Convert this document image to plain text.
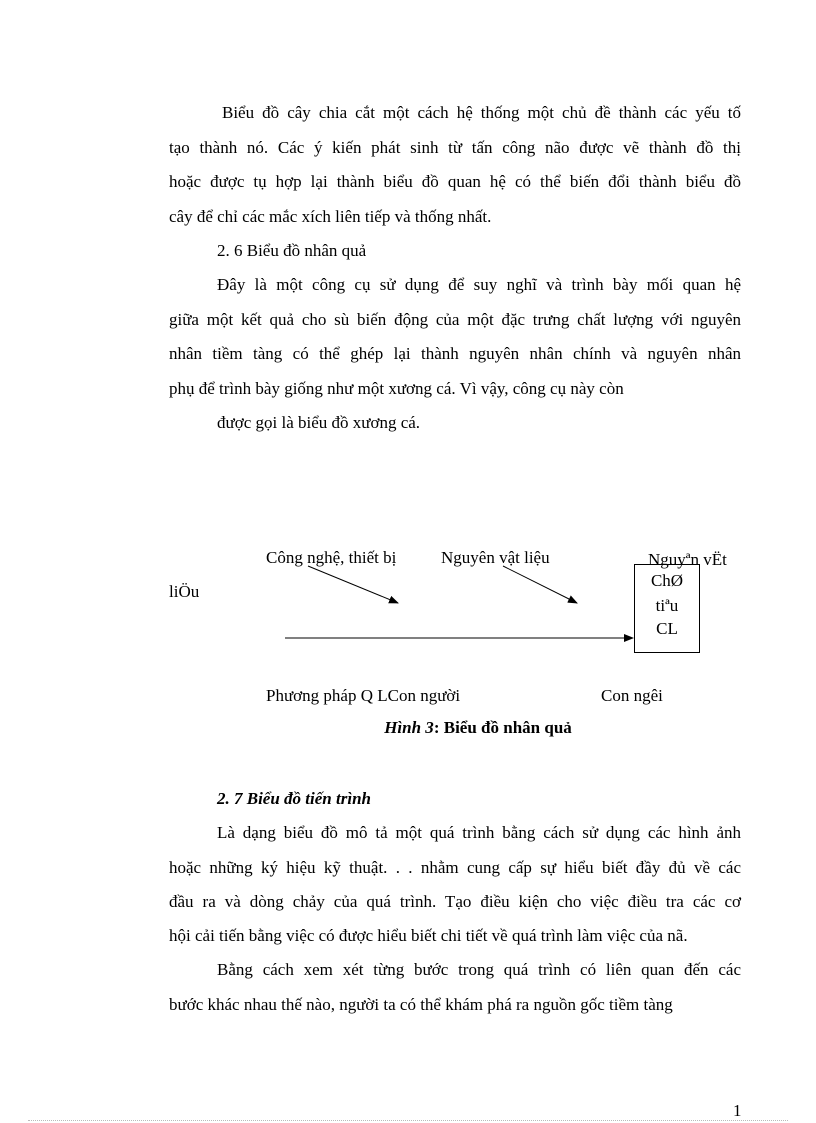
Biểu đồ cây chia cắt một cách hệ thống một chủ đề thành các yếu tố
tạo thành nó. Các ý kiến phát sinh từ tấn công não được vẽ thành đồ thị
hoặc được tụ hợp lại thành biểu đồ quan hệ có thể biến đổi thành biểu đồ
cây để chỉ các mắc xích liên tiếp và thống nhất.
2. 6 Biểu đồ nhân quả
Đây là một công cụ sử dụng để suy nghĩ và trình bày mối quan hệ
giữa một kết quả cho sù biến động của một đặc trưng chất lượng với nguyên
nhân tiềm tàng có thể ghép lại thành nguyên nhân chính và nguyên nhân
phụ để trình bày giống như một xương cá. Vì vậy, công cụ này còn
được gọi là biểu đồ xương cá.
Công nghệ, thiết bị	Nguyên vật liệu	Nguyªn vËt
liÖu
ChØ
tiªu
CL
Phương pháp Q LCon người	Con ngêi
Hình 3: Biểu đồ nhân quả
2. 7 Biểu đồ tiến trình
Là dạng biểu đồ mô tả một quá trình bằng cách sử dụng các hình ảnh
hoặc những ký hiệu kỹ thuật. . . nhằm cung cấp sự hiểu biết đầy đủ về các
đầu ra và dòng chảy của quá trình. Tạo điều kiện cho việc điều tra các cơ
hội cải tiến bằng việc có được hiểu biết chi tiết về quá trình làm việc của nã.
Bằng cách xem xét từng bước trong quá trình có liên quan đến các
bước khác nhau thế nào, người ta có thể khám phá ra nguồn gốc tiềm tàng
1
